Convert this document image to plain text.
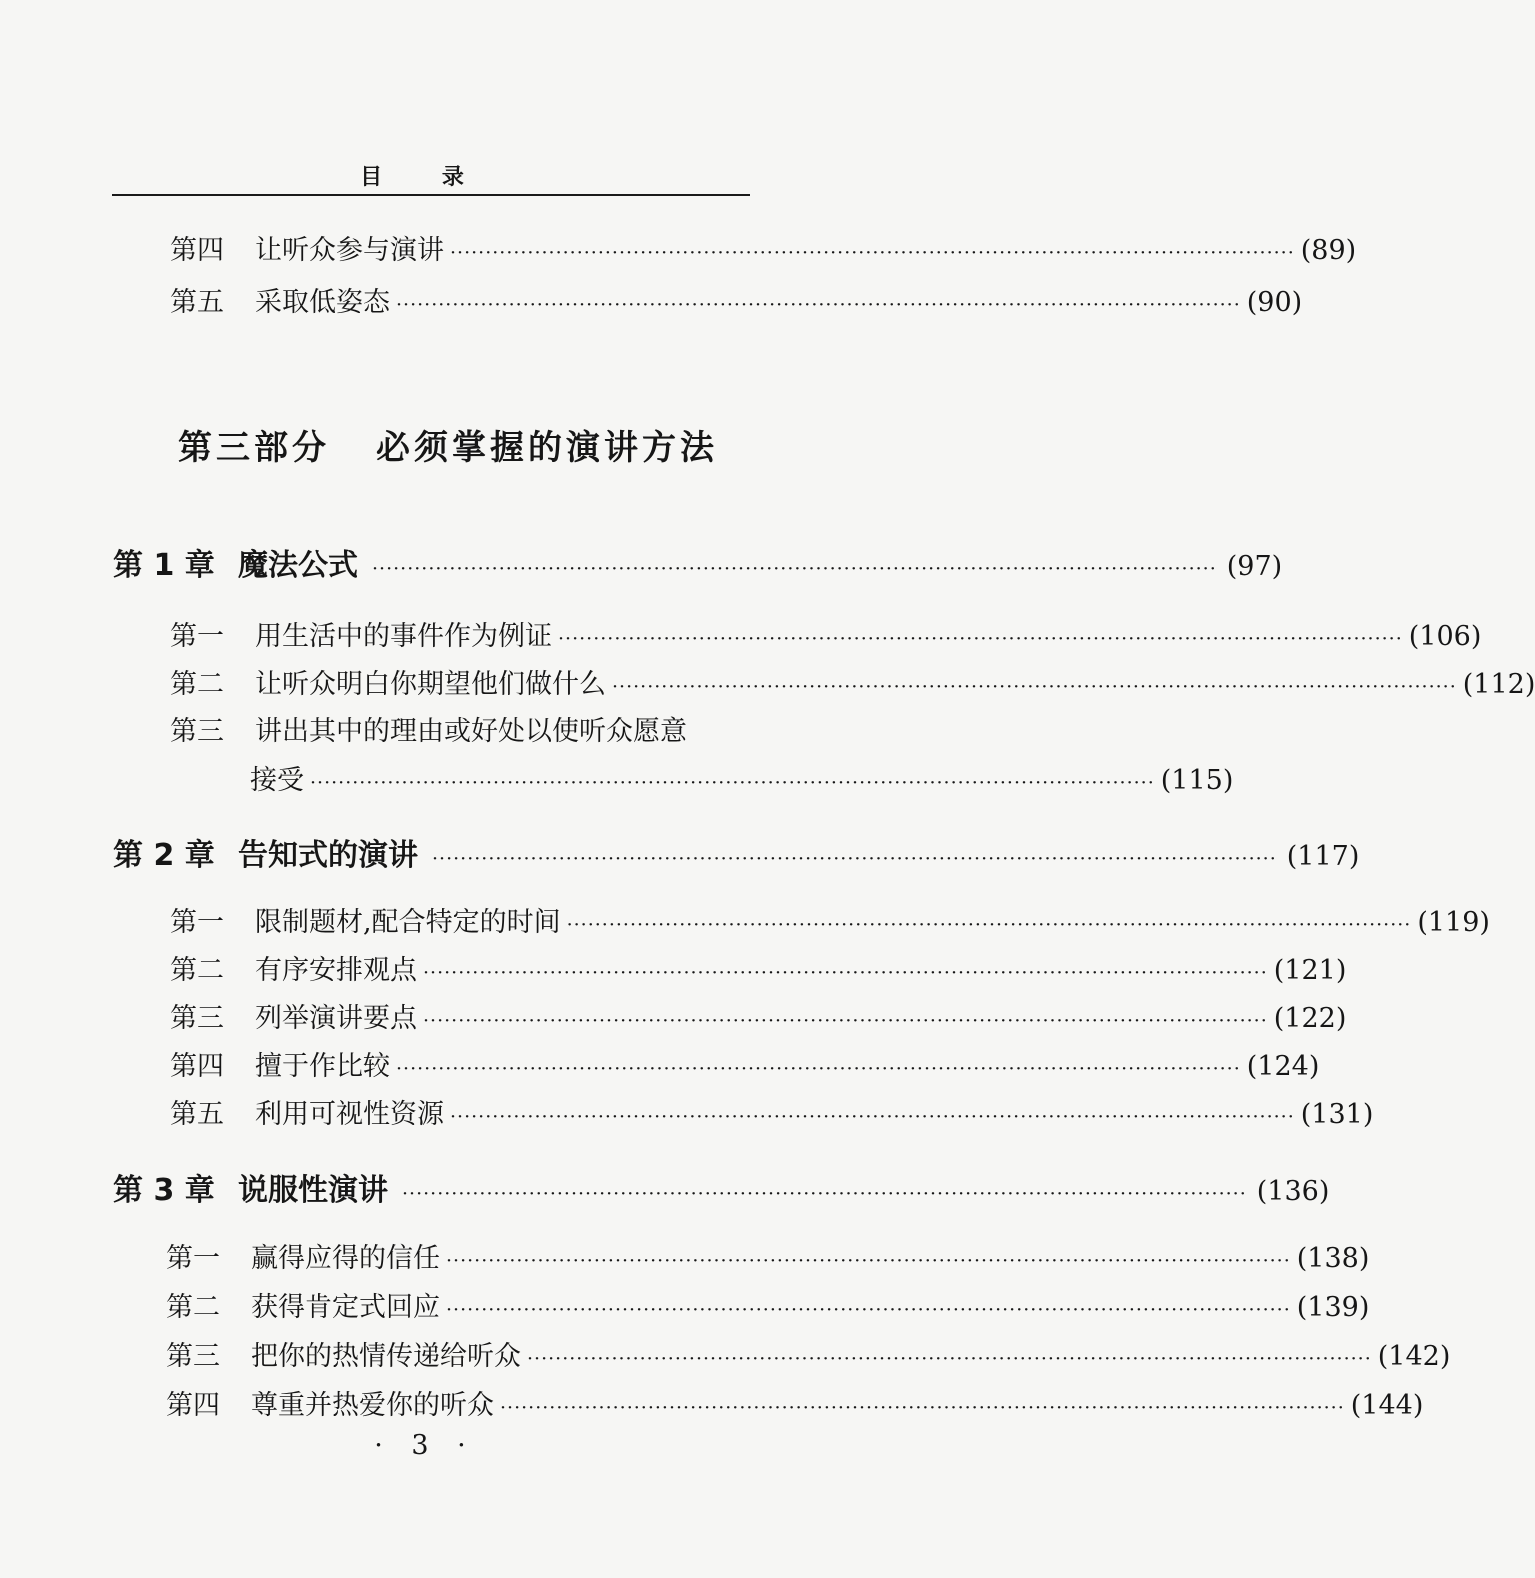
目 录
第四	让听众参与演讲 ························································································································ (89)
第五	采取低姿态 ························································································································ (90)
第三部分 必须掌握的演讲方法
第 1 章 魔法公式 ························································································································ (97)
第一	用生活中的事件作为例证 ························································································································ (106)
第二	让听众明白你期望他们做什么 ························································································································ (112)
第三	讲出其中的理由或好处以使听众愿意
接受 ························································································································ (115)
第 2 章 告知式的演讲 ························································································································ (117)
第一	限制题材,配合特定的时间 ························································································································ (119)
第二	有序安排观点 ························································································································ (121)
第三	列举演讲要点 ························································································································ (122)
第四	擅于作比较 ························································································································ (124)
第五	利用可视性资源 ························································································································ (131)
第 3 章 说服性演讲 ························································································································ (136)
第一	赢得应得的信任 ························································································································ (138)
第二	获得肯定式回应 ························································································································ (139)
第三	把你的热情传递给听众 ························································································································ (142)
第四	尊重并热爱你的听众 ························································································································ (144)
· 3 ·
